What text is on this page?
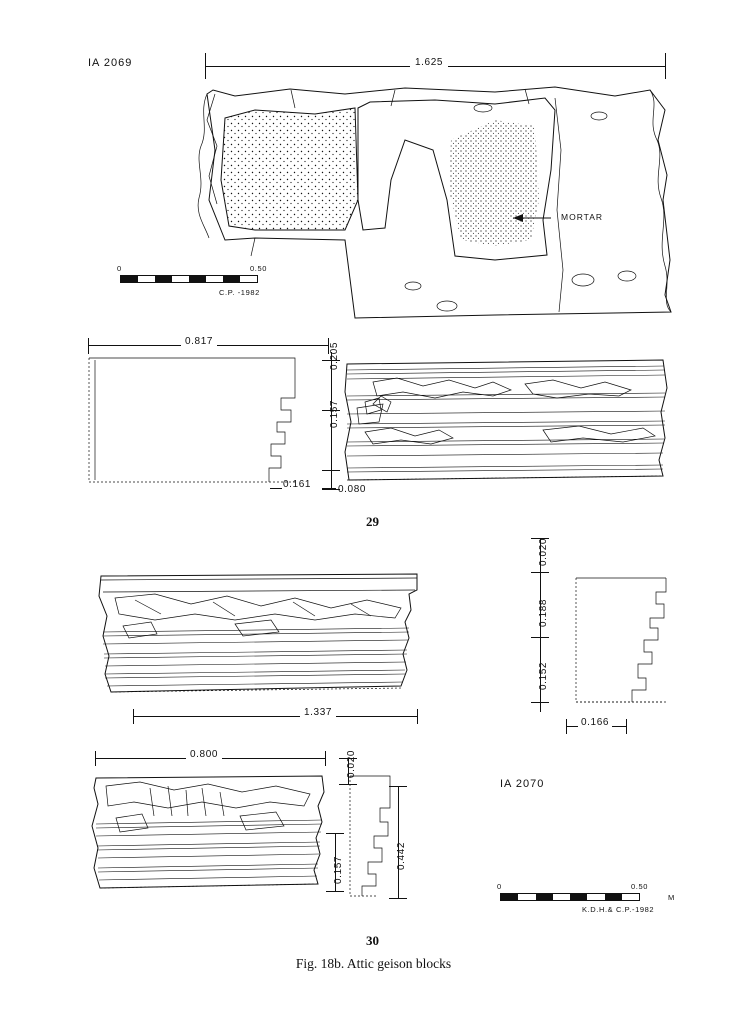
IA 2069	1.625
MORTAR
0	0.50
C.P. -1982
0.817
0.205
0.157
0.080
0.161
29
1.337
0.020
0.188
0.152
0.166
0.800	0.020
0.157	0.442
IA 2070
0	0.50
M
K.D.H.& C.P.-1982
30
Fig. 18b. Attic geison blocks
